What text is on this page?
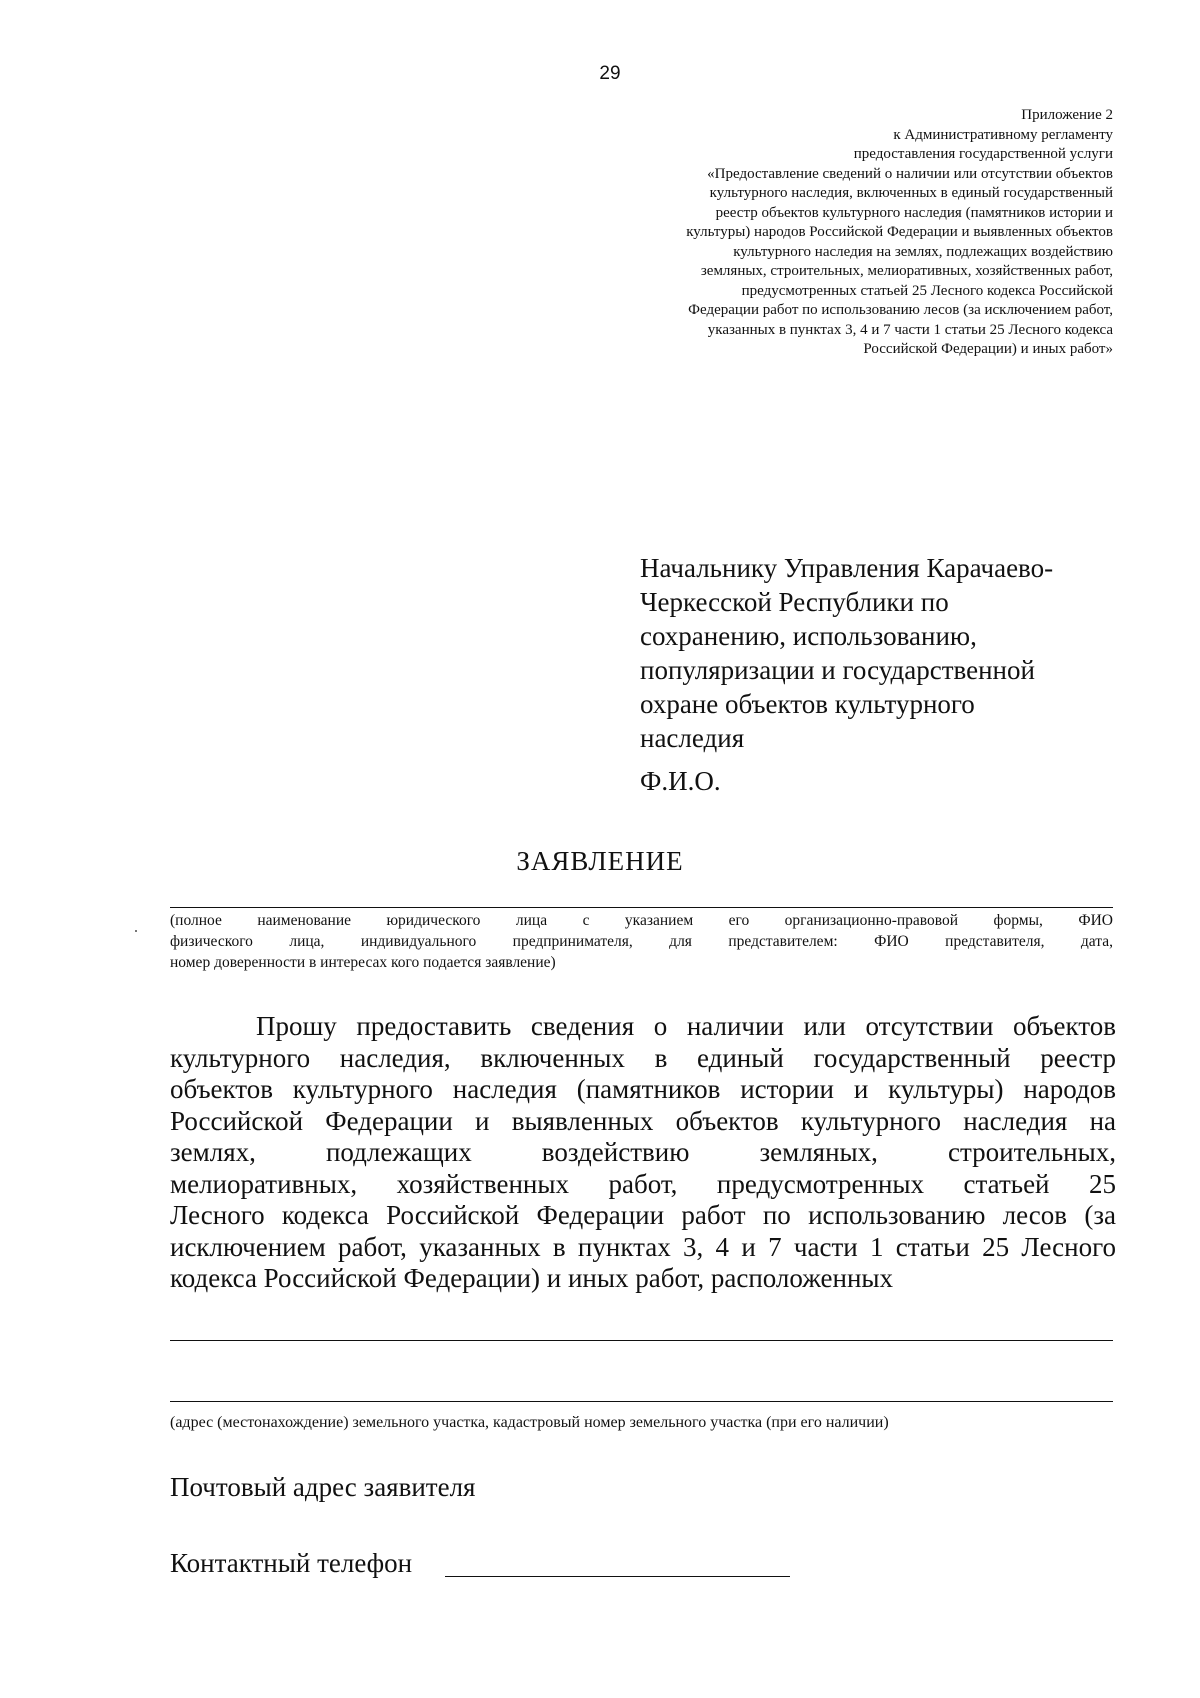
29
Приложение 2
к Административному регламенту
предоставления государственной услуги
«Предоставление сведений о наличии или отсутствии объектов
культурного наследия, включенных в единый государственный
реестр объектов культурного наследия (памятников истории и
культуры) народов Российской Федерации и выявленных объектов
культурного наследия на землях, подлежащих воздействию
земляных, строительных, мелиоративных, хозяйственных работ,
предусмотренных статьей 25 Лесного кодекса Российской
Федерации работ по использованию лесов (за исключением работ,
указанных в пунктах 3, 4 и 7 части 1 статьи 25 Лесного кодекса
Российской Федерации) и иных работ»
Начальнику Управления Карачаево-
Черкесской Республики по
сохранению, использованию,
популяризации и государственной
охране объектов культурного
наследия
Ф.И.О.
ЗАЯВЛЕНИЕ
(полное наименование юридического лица с указанием его организационно-правовой формы, ФИО
физического лица, индивидуального предпринимателя, для представителем: ФИО представителя, дата,
номер доверенности в интересах кого подается заявление)
Прошу предоставить сведения о наличии или отсутствии объектов
культурного наследия, включенных в единый государственный реестр
объектов культурного наследия (памятников истории и культуры) народов
Российской Федерации и выявленных объектов культурного наследия на
землях, подлежащих воздействию земляных, строительных,
мелиоративных, хозяйственных работ, предусмотренных статьей 25
Лесного кодекса Российской Федерации работ по использованию лесов (за
исключением работ, указанных в пунктах 3, 4 и 7 части 1 статьи 25 Лесного
кодекса Российской Федерации) и иных работ, расположенных
(адрес (местонахождение) земельного участка, кадастровый номер земельного участка (при его наличии)
Почтовый адрес заявителя
Контактный телефон
